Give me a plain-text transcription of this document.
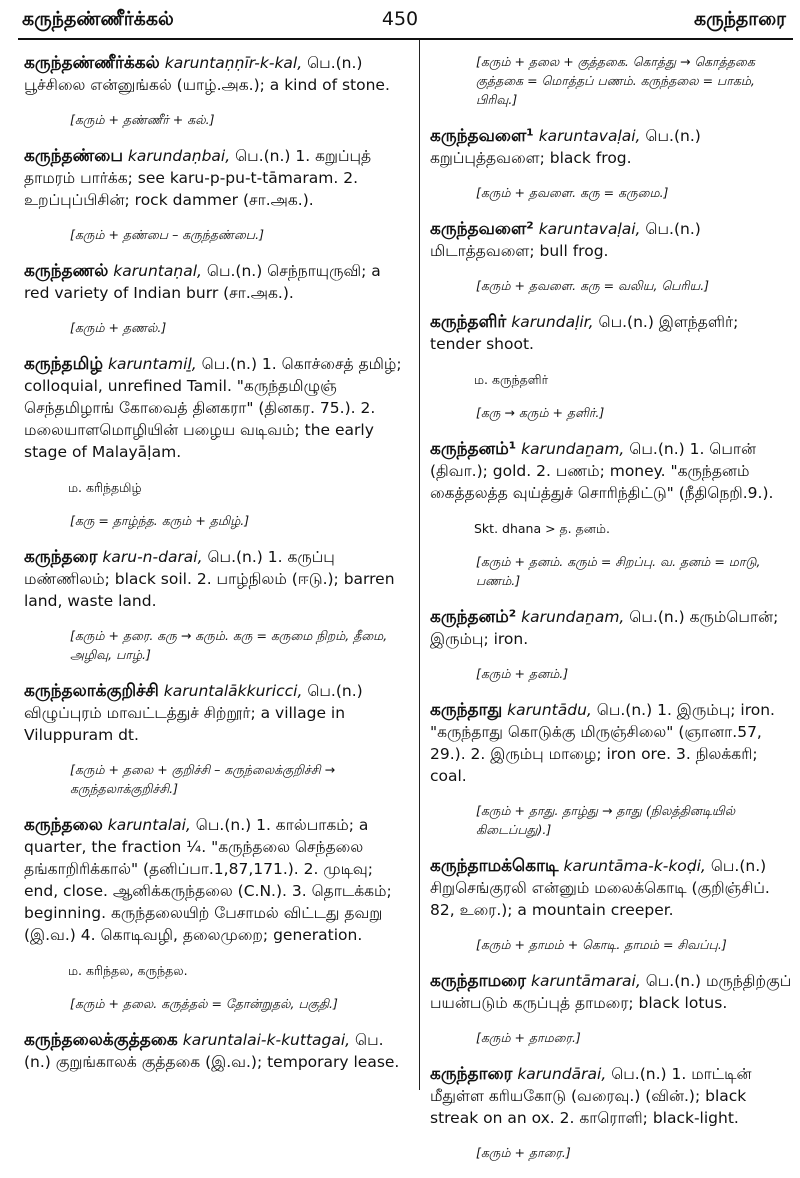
450
கருந்தண்ணீர்க்கல்	கருந்தாரை

கருந்தண்ணீர்க்கல் karuntaṇṇīr-k-kal, பெ.(n.) பூச்சிலை என்னுங்கல் (யாழ்.அக.); a kind of stone.

[கரும் + தண்ணீர் + கல்.]

கருந்தண்பை karundaṇbai, பெ.(n.) 1. கறுப்புத் தாமரம் பார்க்க; see karu-p-pu-t-tāmaram. 2. உறப்புப்பிசின்; rock dammer (சா.அக.).

[கரும் + தண்பை – கருந்தண்பை.]

கருந்தணல் karuntaṇal, பெ.(n.) செந்நாயுருவி; a red variety of Indian burr (சா.அக.).

[கரும் + தணல்.]

கருந்தமிழ் karuntamiḻ, பெ.(n.) 1. கொச்சைத் தமிழ்; colloquial, unrefined Tamil. "கருந்தமிழுஞ் செந்தமிழாங் கோவைத் தினகரா" (தினகர. 75.). 2. மலையாளமொழியின் பழைய வடிவம்; the early stage of Malayāḷam.

ம. கரிந்தமிழ்
[கரு = தாழ்ந்த. கரும் + தமிழ்.]

கருந்தரை karu-n-darai, பெ.(n.) 1. கருப்பு மண்ணிலம்; black soil. 2. பாழ்நிலம் (ஈடு.); barren land, waste land.

[கரும் + தரை. கரு → கரும். கரு = கருமை நிறம், தீமை, அழிவு, பாழ்.]

கருந்தலாக்குறிச்சி karuntalākkuricci, பெ.(n.) விழுப்புரம் மாவட்டத்துச் சிற்றூர்; a village in Viluppuram dt.

[கரும் + தலை + குறிச்சி – கருந்லைக்குறிச்சி → கருந்தலாக்குறிச்சி.]

கருந்தலை karuntalai, பெ.(n.) 1. கால்பாகம்; a quarter, the fraction ¼. "கருந்தலை செந்தலை தங்காறிரிக்கால்" (தனிப்பா.1,87,171.). 2. முடிவு; end, close. ஆனிக்கருந்தலை (C.N.). 3. தொடக்கம்; beginning. கருந்தலையிற் பேசாமல் விட்டது தவறு (இ.வ.) 4. கொடிவழி, தலைமுறை; generation.

ம. கரிந்தல, கருந்தல.
[கரும் + தலை. கருத்தல் = தோன்றுதல், பகுதி.]

கருந்தலைக்குத்தகை karuntalai-k-kuttagai, பெ.(n.) குறுங்காலக் குத்தகை (இ.வ.); temporary lease.

[கரும் + தலை + குத்தகை. கொத்து → கொத்தகை குத்தகை = மொத்தப் பணம். கருந்தலை = பாகம், பிரிவு.]

கருந்தவளை¹ karuntavaḷai, பெ.(n.) கறுப்புத்தவளை; black frog.

[கரும் + தவளை. கரு = கருமை.]

கருந்தவளை² karuntavaḷai, பெ.(n.) மிடாத்தவளை; bull frog.

[கரும் + தவளை. கரு = வலிய, பெரிய.]

கருந்தளிர் karundaḷir, பெ.(n.) இளந்தளிர்; tender shoot.

ம. கருந்தளிர்
[கரு → கரும் + தளிர்.]

கருந்தனம்¹ karundaṉam, பெ.(n.) 1. பொன் (திவா.); gold. 2. பணம்; money. "கருந்தனம் கைத்தலத்த வுய்த்துச் சொரிந்திட்டு" (நீதிநெறி.9.).

Skt. dhana > த. தனம்.
[கரும் + தனம். கரும் = சிறப்பு. வ. தனம் = மாடு, பணம்.]

கருந்தனம்² karundaṉam, பெ.(n.) கரும்பொன்; இரும்பு; iron.

[கரும் + தனம்.]

கருந்தாது karuntādu, பெ.(n.) 1. இரும்பு; iron. "கருந்தாது கொடுக்கு மிருஞ்சிலை" (ஞானா.57, 29.). 2. இரும்பு மாழை; iron ore. 3. நிலக்கரி; coal.

[கரும் + தாது. தாழ்து → தாது (நிலத்தினடியில் கிடைப்பது).]

கருந்தாமக்கொடி karuntāma-k-koḍi, பெ.(n.) சிறுசெங்குரலி என்னும் மலைக்கொடி (குறிஞ்சிப். 82, உரை.); a mountain creeper.

[கரும் + தாமம் + கொடி. தாமம் = சிவப்பு.]

கருந்தாமரை karuntāmarai, பெ.(n.) மருந்திற்குப் பயன்படும் கருப்புத் தாமரை; black lotus.

[கரும் + தாமரை.]

கருந்தாரை karundārai, பெ.(n.) 1. மாட்டின் மீதுள்ள கரியகோடு (வரைவு.) (வின்.); black streak on an ox. 2. காரொளி; black-light.

[கரும் + தாரை.]
